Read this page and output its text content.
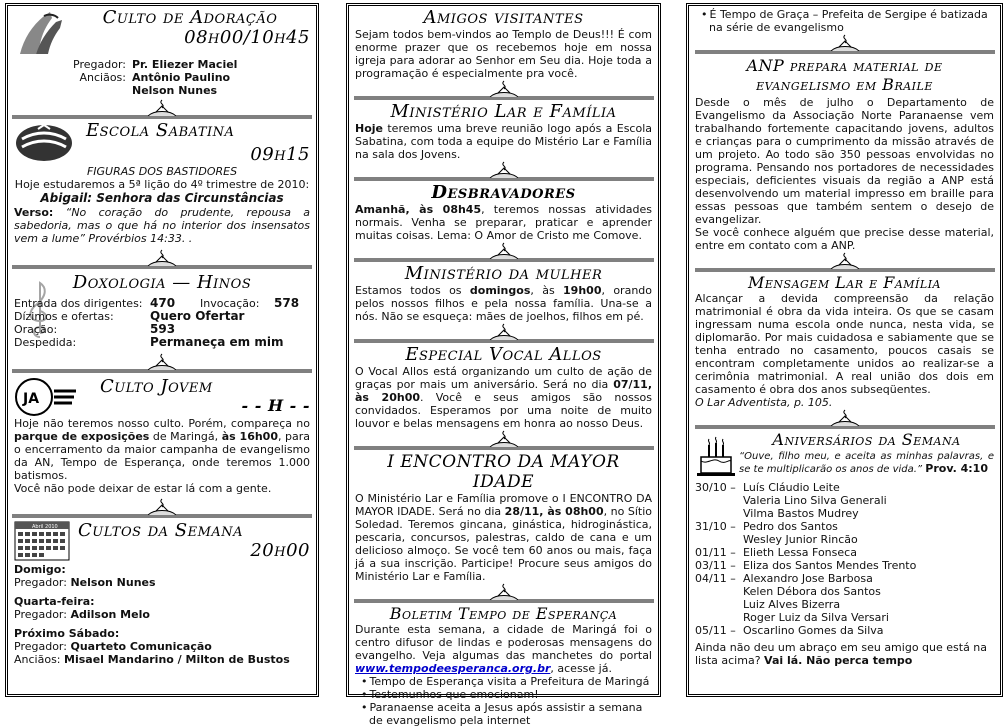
Culto de Adoração
08h00/10h45
Pregador: Pr. Eliezer Maciel
Anciãos: Antônio Paulino
Nelson Nunes
Escola Sabatina
09h15
FIGURAS DOS BASTIDORES
Hoje estudaremos a 5ª lição do 4º trimestre de 2010:
Abigail: Senhora das Circunstâncias

Verso: “No coração do prudente, repousa a sabedoria, mas o que há no interior dos insensatos vem a lume” Provérbios 14:33. .

Doxologia — Hinos
Entrada dos dirigentes: 470	Invocação:	578
Dízimos e ofertas:	Quero Ofertar
Oração:	593
Despedida:	Permaneça em mim
JA
Culto Jovem
- - H - -

Hoje não teremos nosso culto. Porém, compareça no parque de exposições de Maringá, às 16h00, para o encerramento da maior campanha de evangelismo da AN, Tempo de Esperança, onde teremos 1.000 batismos.

Você não pode deixar de estar lá com a gente.

Abril 2010	Cultos da Semana
20h00
Domigo:
Pregador: Nelson Nunes
Quarta-feira:
Pregador: Adilson Melo
Próximo Sábado:
Pregador: Quarteto Comunicação
Anciãos: Misael Mandarino / Milton de Bustos
Amigos visitantes

Sejam todos bem-vindos ao Templo de Deus!!! É com enorme prazer que os recebemos hoje em nossa igreja para adorar ao Senhor em Seu dia. Hoje toda a programação é especialmente pra você.

Ministério Lar e Família

Hoje teremos uma breve reunião logo após a Escola Sabatina, com toda a equipe do Mistério Lar e Família na sala dos Jovens.

Desbravadores

Amanhã, às 08h45, teremos nossas atividades normais. Venha se preparar, praticar e aprender muitas coisas. Lema: O Amor de Cristo me Comove.

Ministério da mulher

Estamos todos os domingos, às 19h00, orando pelos nossos filhos e pela nossa família. Una-se a nós. Não se esqueça: mães de joelhos, filhos em pé.

Especial Vocal Allos

O Vocal Allos está organizando um culto de ação de graças por mais um aniversário. Será no dia 07/11, às 20h00. Você e seus amigos são nossos convidados. Esperamos por uma noite de muito louvor e belas mensagens em honra ao nosso Deus.

I ENCONTRO DA MAYOR IDADE

O Ministério Lar e Família promove o I ENCONTRO DA MAYOR IDADE. Será no dia 28/11, às 08h00, no Sítio Soledad. Teremos gincana, ginástica, hidroginástica, pescaria, concursos, palestras, caldo de cana e um delicioso almoço. Se você tem 60 anos ou mais, faça já a sua inscrição. Participe! Procure seus amigos do Ministério Lar e Família.

Boletim Tempo de Esperança

Durante esta semana, a cidade de Maringá foi o centro difusor de lindas e poderosas mensagens do evangelho. Veja algumas das manchetes do portal www.tempodeesperanca.org.br, acesse já.

• Tempo de Esperança visita a Prefeitura de Maringá
• Testemunhos que emocionam!
• Paranaense aceita a Jesus após assistir a semana de evangelismo pela internet
• É Tempo de Graça – Prefeita de Sergipe é batizada na série de evangelismo
ANP prepara material de evangelismo em Braile

Desde o mês de julho o Departamento de Evangelismo da Associação Norte Paranaense vem trabalhando fortemente capacitando jovens, adultos e crianças para o cumprimento da missão através de um projeto. Ao todo são 350 pessoas envolvidas no programa. Pensando nos portadores de necessidades especiais, deficientes visuais da região a ANP está desenvolvendo um material impresso em braille para essas pessoas que também sentem o desejo de evangelizar.

Se você conhece alguém que precise desse material, entre em contato com a ANP.

Mensagem Lar e Família

Alcançar a devida compreensão da relação matrimonial é obra da vida inteira. Os que se casam ingressam numa escola onde nunca, nesta vida, se diplomarão. Por mais cuidadosa e sabiamente que se tenha entrado no casamento, poucos casais se encontram completamente unidos ao realizar-se a cerimônia matrimonial. A real união dos dois em casamento é obra dos anos subseqüentes.

O Lar Adventista, p. 105.

Aniversários da Semana

“Ouve, filho meu, e aceita as minhas palavras, e se te multiplicarão os anos de vida.” Prov. 4:10

30/10 – Luís Cláudio Leite
Valeria Lino Silva Generali
Vilma Bastos Mudrey
31/10 – Pedro dos Santos
Wesley Junior Rincão
01/11 – Elieth Lessa Fonseca
03/11 – Eliza dos Santos Mendes Trento
04/11 – Alexandro Jose Barbosa
Kelen Débora dos Santos
Luiz Alves Bizerra
Roger Luiz da Silva Versari
05/11 – Oscarlino Gomes da Silva

Ainda não deu um abraço em seu amigo que está na lista acima? Vai lá. Não perca tempo
